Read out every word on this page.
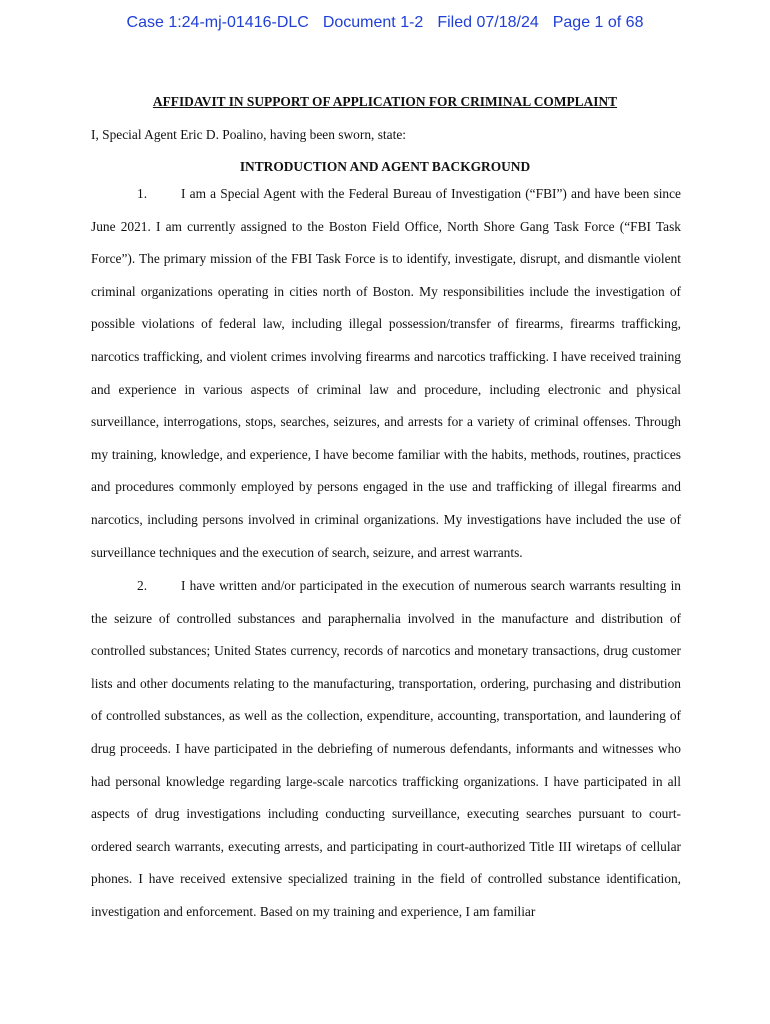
Case 1:24-mj-01416-DLC Document 1-2 Filed 07/18/24 Page 1 of 68
AFFIDAVIT IN SUPPORT OF APPLICATION FOR CRIMINAL COMPLAINT
I, Special Agent Eric D. Poalino, having been sworn, state:
INTRODUCTION AND AGENT BACKGROUND

1.	I am a Special Agent with the Federal Bureau of Investigation (“FBI”) and have been since June 2021. I am currently assigned to the Boston Field Office, North Shore Gang Task Force (“FBI Task Force”). The primary mission of the FBI Task Force is to identify, investigate, disrupt, and dismantle violent criminal organizations operating in cities north of Boston. My responsibilities include the investigation of possible violations of federal law, including illegal possession/transfer of firearms, firearms trafficking, narcotics trafficking, and violent crimes involving firearms and narcotics trafficking. I have received training and experience in various aspects of criminal law and procedure, including electronic and physical surveillance, interrogations, stops, searches, seizures, and arrests for a variety of criminal offenses. Through my training, knowledge, and experience, I have become familiar with the habits, methods, routines, practices and procedures commonly employed by persons engaged in the use and trafficking of illegal firearms and narcotics, including persons involved in criminal organizations. My investigations have included the use of surveillance techniques and the execution of search, seizure, and arrest warrants.

2.	I have written and/or participated in the execution of numerous search warrants resulting in the seizure of controlled substances and paraphernalia involved in the manufacture and distribution of controlled substances; United States currency, records of narcotics and monetary transactions, drug customer lists and other documents relating to the manufacturing, transportation, ordering, purchasing and distribution of controlled substances, as well as the collection, expenditure, accounting, transportation, and laundering of drug proceeds. I have participated in the debriefing of numerous defendants, informants and witnesses who had personal knowledge regarding large-scale narcotics trafficking organizations. I have participated in all aspects of drug investigations including conducting surveillance, executing searches pursuant to court-ordered search warrants, executing arrests, and participating in court-authorized Title III wiretaps of cellular phones. I have received extensive specialized training in the field of controlled substance identification, investigation and enforcement. Based on my training and experience, I am familiar
